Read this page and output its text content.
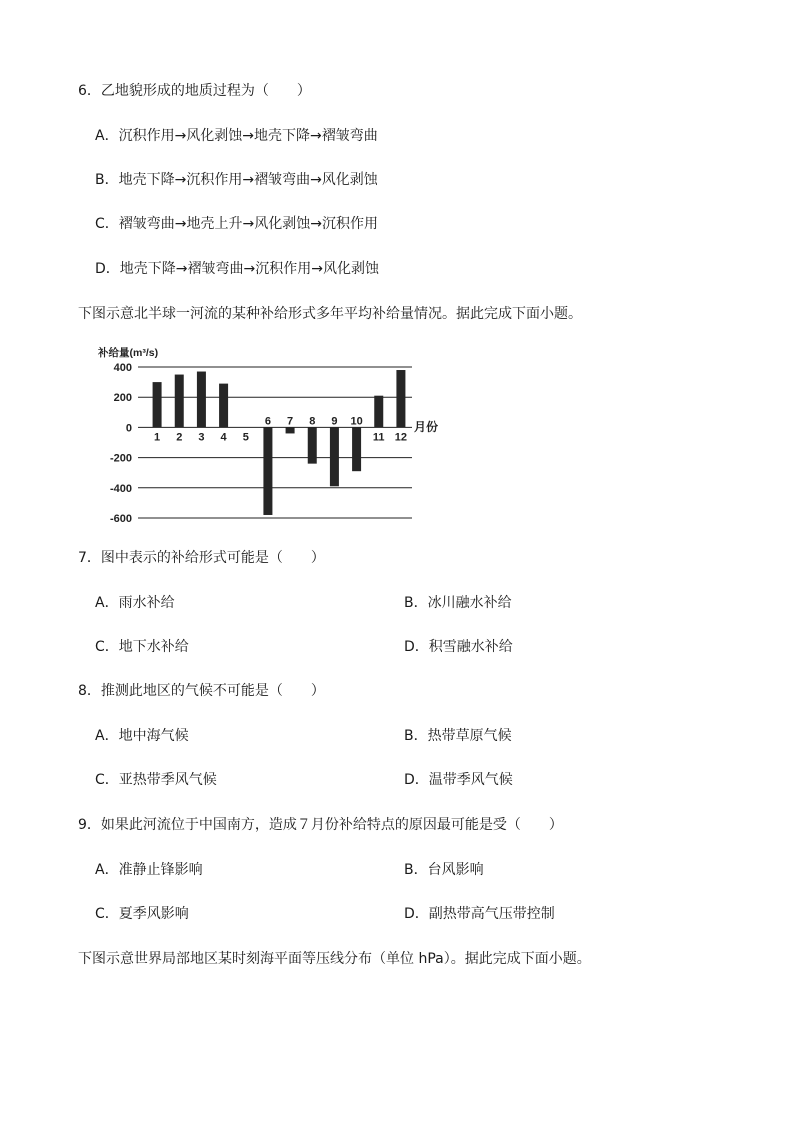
6．乙地貌形成的地质过程为（　　）
A．沉积作用→风化剥蚀→地壳下降→褶皱弯曲
B．地壳下降→沉积作用→褶皱弯曲→风化剥蚀
C．褶皱弯曲→地壳上升→风化剥蚀→沉积作用
D．地壳下降→褶皱弯曲→沉积作用→风化剥蚀
下图示意北半球一河流的某种补给形式多年平均补给量情况。据此完成下面小题。
400
200
0
-200
-400
-600
1 2 3 4 5
6 7 8 9 10
11 12
补给量(m³/s)
月份
7．图中表示的补给形式可能是（　　）
A．雨水补给	B．冰川融水补给
C．地下水补给	D．积雪融水补给
8．推测此地区的气候不可能是（　　）
A．地中海气候	B．热带草原气候
C．亚热带季风气候	D．温带季风气候
9．如果此河流位于中国南方，造成７月份补给特点的原因最可能是受（　　）
A．准静止锋影响	B．台风影响
C．夏季风影响	D．副热带高气压带控制
下图示意世界局部地区某时刻海平面等压线分布（单位 hPa）。据此完成下面小题。
